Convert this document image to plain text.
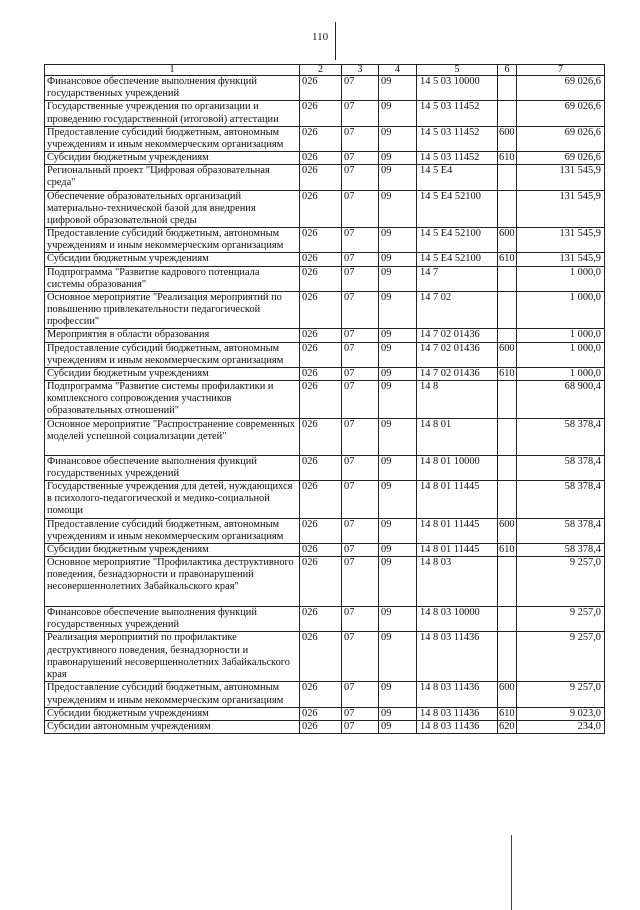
110
1	2	3	4	5	6	7
Финансовое обеспечение выполнения функций государственных учреждений	026	07	09	14 5 03 10000		69 026,6
Государственные учреждения по организации и проведению государственной (итоговой) аттестации	026	07	09	14 5 03 11452		69 026,6
Предоставление субсидий бюджетным, автономным учреждениям и иным некоммерческим организациям	026	07	09	14 5 03 11452	600	69 026,6
Субсидии бюджетным учреждениям	026	07	09	14 5 03 11452	610	69 026,6
Региональный проект "Цифровая образовательная среда"	026	07	09	14 5 E4		131 545,9
Обеспечение образовательных организаций материально-технической базой для внедрения цифровой образовательной среды	026	07	09	14 5 E4 52100		131 545,9
Предоставление субсидий бюджетным, автономным учреждениям и иным некоммерческим организациям	026	07	09	14 5 E4 52100	600	131 545,9
Субсидии бюджетным учреждениям	026	07	09	14 5 E4 52100	610	131 545,9
Подпрограмма "Развитие кадрового потенциала системы образования"	026	07	09	14 7		1 000,0
Основное мероприятие "Реализация мероприятий по повышению привлекательности педагогической профессии"	026	07	09	14 7 02		1 000,0
Мероприятия в области образования	026	07	09	14 7 02 01436		1 000,0
Предоставление субсидий бюджетным, автономным учреждениям и иным некоммерческим организациям	026	07	09	14 7 02 01436	600	1 000,0
Субсидии бюджетным учреждениям	026	07	09	14 7 02 01436	610	1 000,0
Подпрограмма "Развитие системы профилактики и комплексного сопровождения участников образовательных отношений"	026	07	09	14 8		68 900,4
Основное мероприятие "Распространение современных моделей успешной социализации детей"	026	07	09	14 8 01		58 378,4
Финансовое обеспечение выполнения функций государственных учреждений	026	07	09	14 8 01 10000		58 378,4
Государственные учреждения для детей, нуждающихся в психолого-педагогической и медико-социальной помощи	026	07	09	14 8 01 11445		58 378,4
Предоставление субсидий бюджетным, автономным учреждениям и иным некоммерческим организациям	026	07	09	14 8 01 11445	600	58 378,4
Субсидии бюджетным учреждениям	026	07	09	14 8 01 11445	610	58 378,4
Основное мероприятие "Профилактика деструктивного поведения, безнадзорности и правонарушений несовершеннолетних Забайкальского края"	026	07	09	14 8 03		9 257,0
Финансовое обеспечение выполнения функций государственных учреждений	026	07	09	14 8 03 10000		9 257,0
Реализация мероприятий по профилактике деструктивного поведения, безнадзорности и правонарушений несовершеннолетних Забайкальского края	026	07	09	14 8 03 11436		9 257,0
Предоставление субсидий бюджетным, автономным учреждениям и иным некоммерческим организациям	026	07	09	14 8 03 11436	600	9 257,0
Субсидии бюджетным учреждениям	026	07	09	14 8 03 11436	610	9 023,0
Субсидии автономным учреждениям	026	07	09	14 8 03 11436	620	234,0
